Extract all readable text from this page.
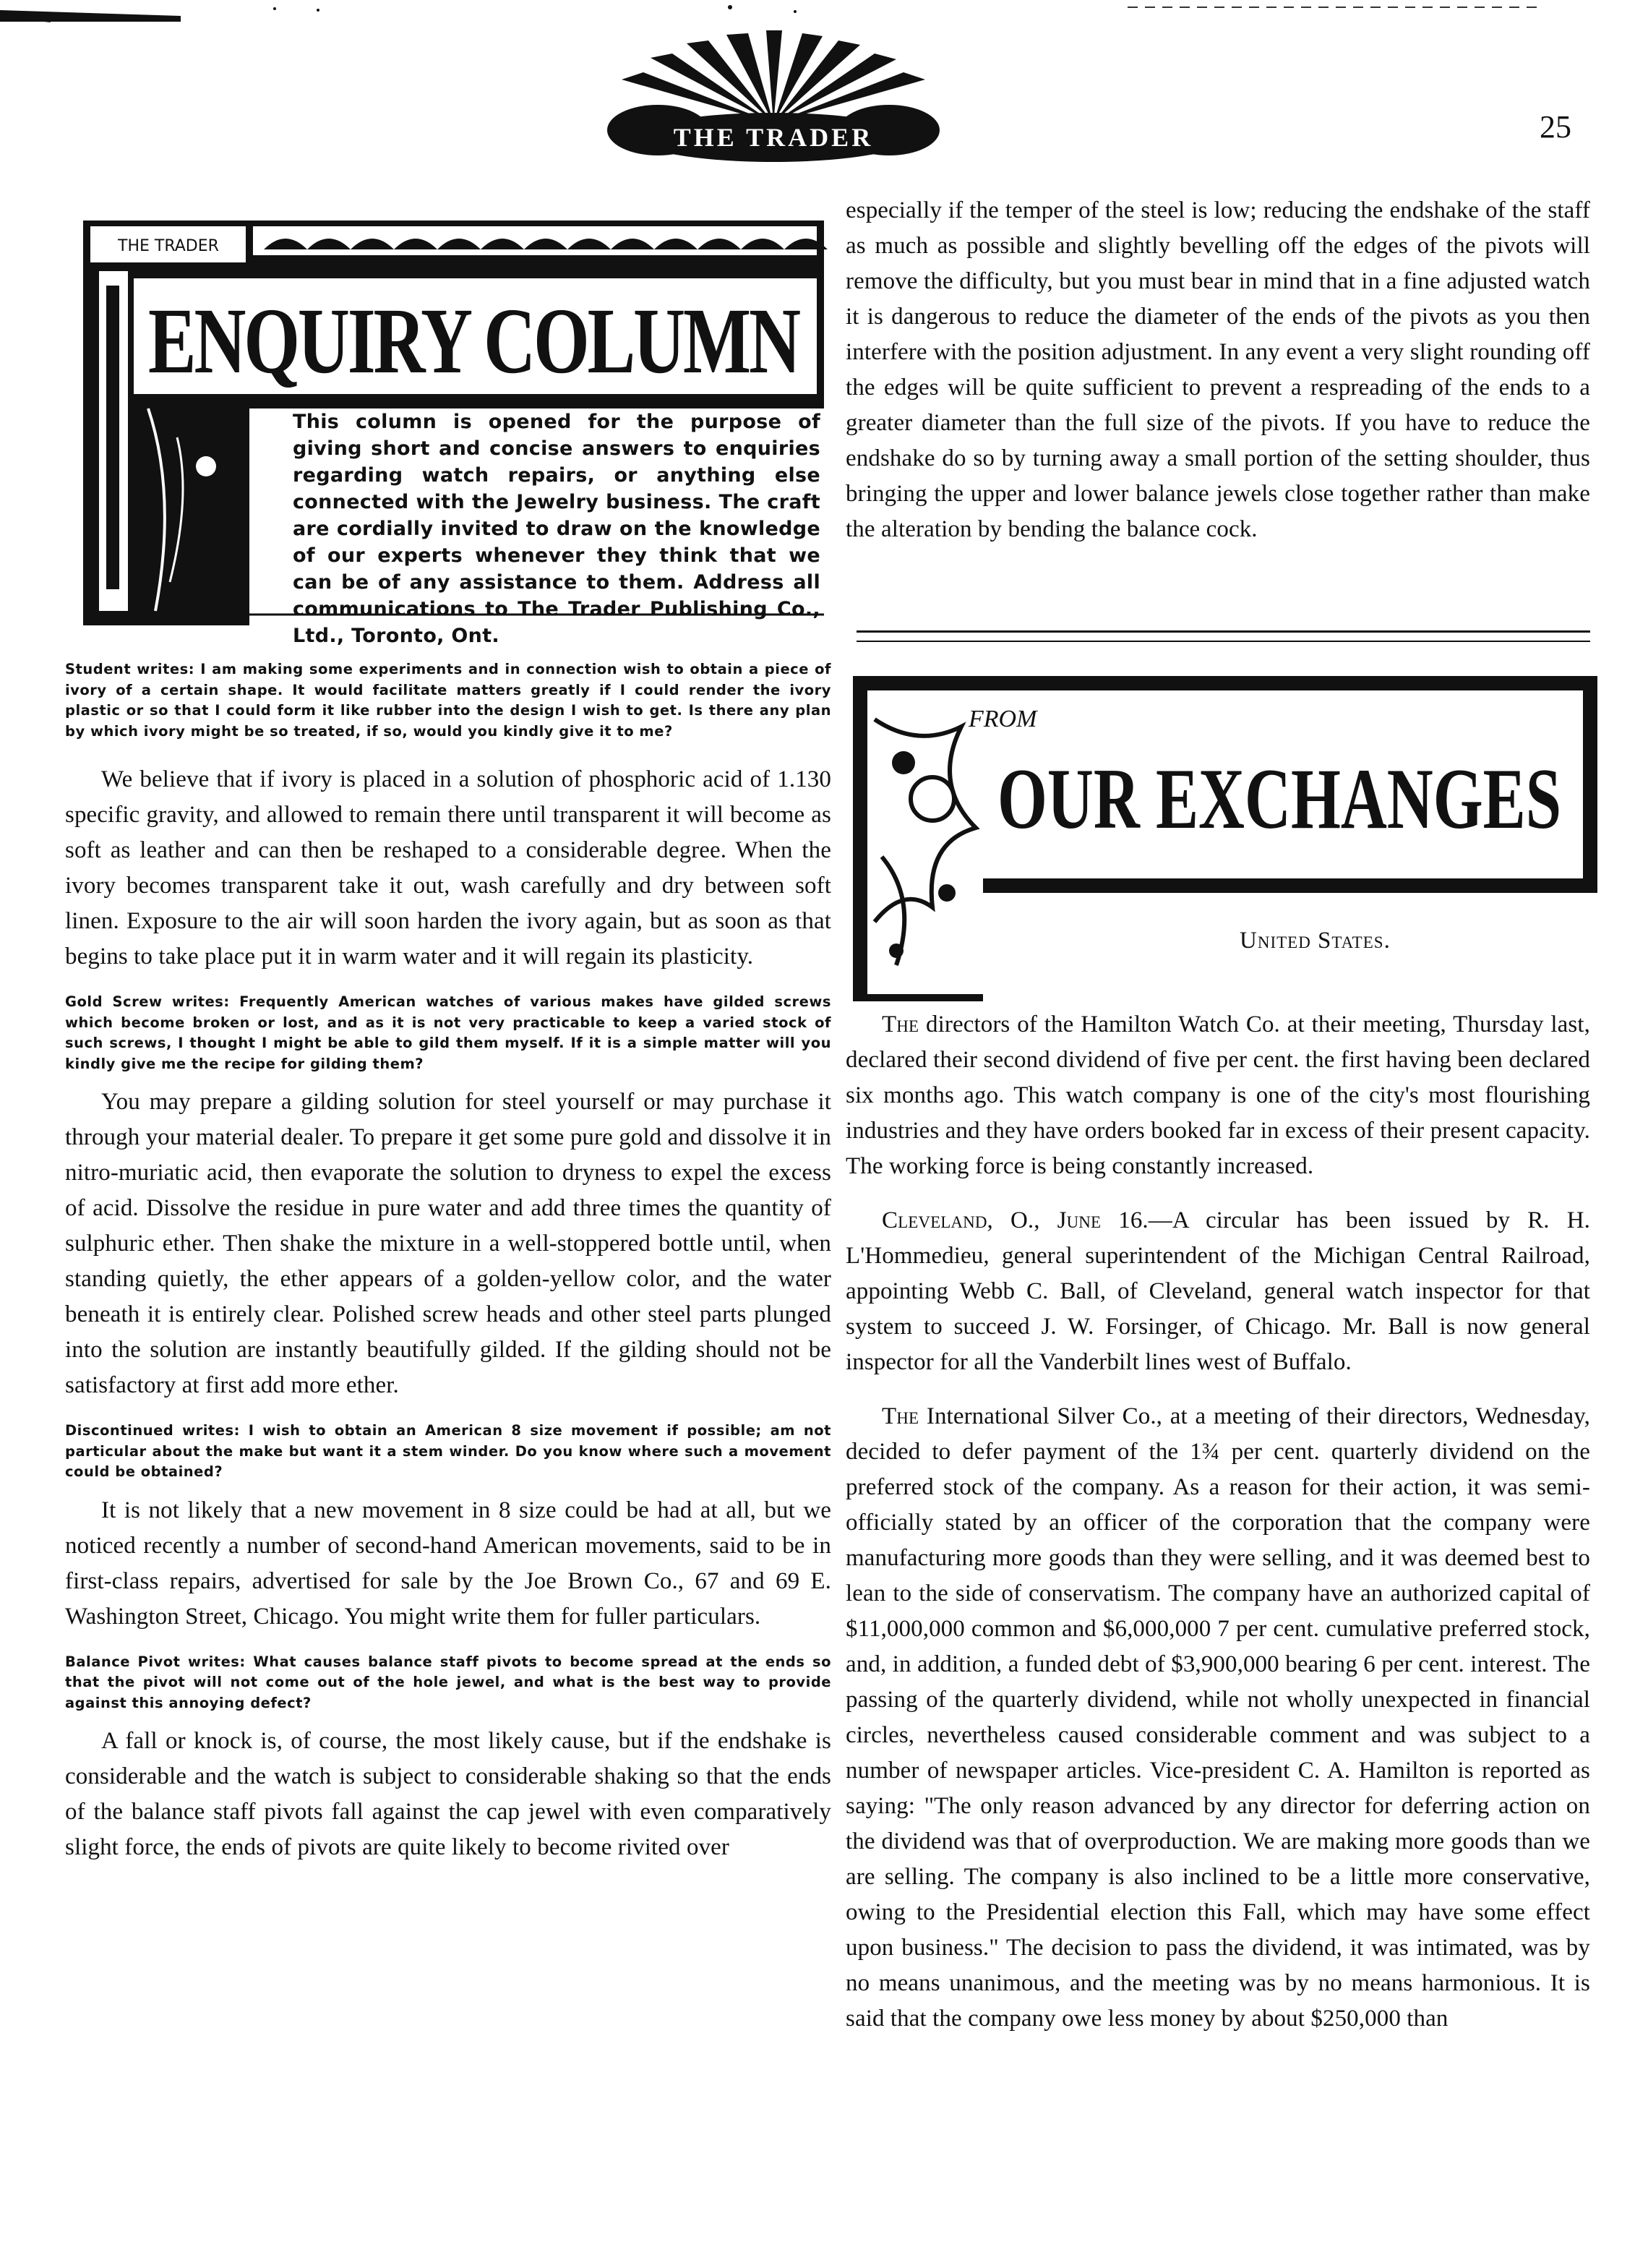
THE TRADER	25
THE TRADER
ENQUIRY COLUMN
This column is opened for the purpose of giving short and concise answers to enquiries regarding watch repairs, or anything else connected with the Jewelry business. The craft are cordially invited to draw on the knowledge of our experts whenever they think that we can be of any assistance to them. Address all communications to The Trader Publishing Co., Ltd., Toronto, Ont.

Student writes: I am making some experiments and in connection wish to obtain a piece of ivory of a certain shape. It would facilitate matters greatly if I could render the ivory plastic or so that I could form it like rubber into the design I wish to get. Is there any plan by which ivory might be so treated, if so, would you kindly give it to me?

We believe that if ivory is placed in a solution of phosphoric acid of 1.130 specific gravity, and allowed to remain there until transparent it will become as soft as leather and can then be reshaped to a considerable degree. When the ivory becomes transparent take it out, wash carefully and dry between soft linen. Exposure to the air will soon harden the ivory again, but as soon as that begins to take place put it in warm water and it will regain its plasticity.

Gold Screw writes: Frequently American watches of various makes have gilded screws which become broken or lost, and as it is not very practicable to keep a varied stock of such screws, I thought I might be able to gild them myself. If it is a simple matter will you kindly give me the recipe for gilding them?

You may prepare a gilding solution for steel yourself or may purchase it through your material dealer. To prepare it get some pure gold and dissolve it in nitro-muriatic acid, then evaporate the solution to dryness to expel the excess of acid. Dissolve the residue in pure water and add three times the quantity of sulphuric ether. Then shake the mixture in a well-stoppered bottle until, when standing quietly, the ether appears of a golden-yellow color, and the water beneath it is entirely clear. Polished screw heads and other steel parts plunged into the solution are instantly beautifully gilded. If the gilding should not be satisfactory at first add more ether.

Discontinued writes: I wish to obtain an American 8 size movement if possible; am not particular about the make but want it a stem winder. Do you know where such a movement could be obtained?

It is not likely that a new movement in 8 size could be had at all, but we noticed recently a number of second-hand American movements, said to be in first-class repairs, advertised for sale by the Joe Brown Co., 67 and 69 E. Washington Street, Chicago. You might write them for fuller particulars.

Balance Pivot writes: What causes balance staff pivots to become spread at the ends so that the pivot will not come out of the hole jewel, and what is the best way to provide against this annoying defect?

A fall or knock is, of course, the most likely cause, but if the endshake is considerable and the watch is subject to considerable shaking so that the ends of the balance staff pivots fall against the cap jewel with even comparatively slight force, the ends of pivots are quite likely to become rivited over

especially if the temper of the steel is low; reducing the endshake of the staff as much as possible and slightly bevelling off the edges of the pivots will remove the difficulty, but you must bear in mind that in a fine adjusted watch it is dangerous to reduce the diameter of the ends of the pivots as you then interfere with the position adjustment. In any event a very slight rounding off the edges will be quite sufficient to prevent a respreading of the ends to a greater diameter than the full size of the pivots. If you have to reduce the endshake do so by turning away a small portion of the setting shoulder, thus bringing the upper and lower balance jewels close together rather than make the alteration by bending the balance cock.

FROM
OUR EXCHANGES
United States.

The directors of the Hamilton Watch Co. at their meeting, Thursday last, declared their second dividend of five per cent. the first having been declared six months ago. This watch company is one of the city's most flourishing industries and they have orders booked far in excess of their present capacity. The working force is being constantly increased.

Cleveland, O., June 16.—A circular has been issued by R. H. L'Hommedieu, general superintendent of the Michigan Central Railroad, appointing Webb C. Ball, of Cleveland, general watch inspector for that system to succeed J. W. Forsinger, of Chicago. Mr. Ball is now general inspector for all the Vanderbilt lines west of Buffalo.

The International Silver Co., at a meeting of their directors, Wednesday, decided to defer payment of the 1¾ per cent. quarterly dividend on the preferred stock of the company. As a reason for their action, it was semi-officially stated by an officer of the corporation that the company were manufacturing more goods than they were selling, and it was deemed best to lean to the side of conservatism. The company have an authorized capital of $11,000,000 common and $6,000,000 7 per cent. cumulative preferred stock, and, in addition, a funded debt of $3,900,000 bearing 6 per cent. interest. The passing of the quarterly dividend, while not wholly unexpected in financial circles, nevertheless caused considerable comment and was subject to a number of newspaper articles. Vice-president C. A. Hamilton is reported as saying: "The only reason advanced by any director for deferring action on the dividend was that of overproduction. We are making more goods than we are selling. The company is also inclined to be a little more conservative, owing to the Presidential election this Fall, which may have some effect upon business." The decision to pass the dividend, it was intimated, was by no means unanimous, and the meeting was by no means harmonious. It is said that the company owe less money by about $250,000 than
